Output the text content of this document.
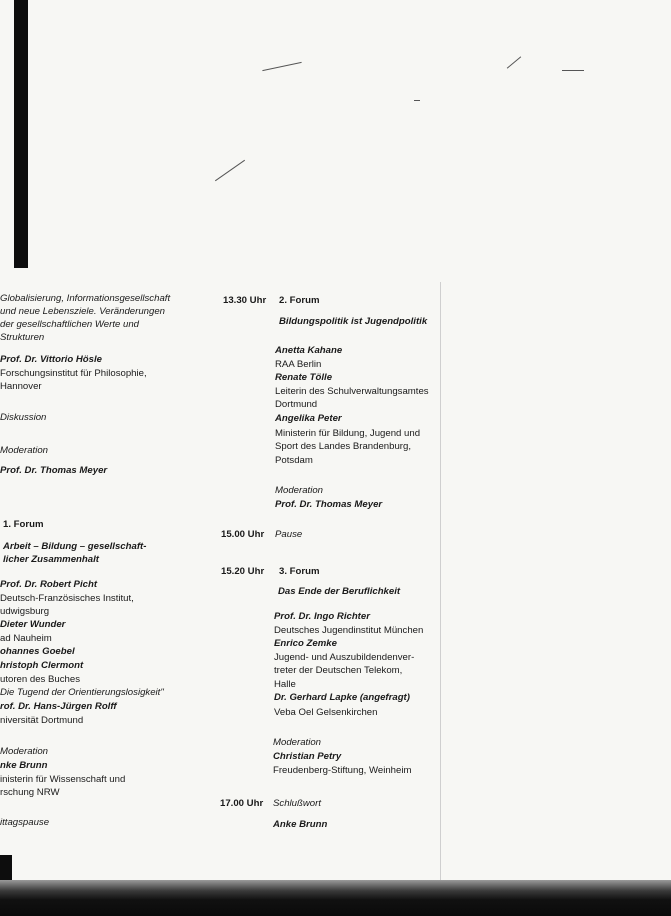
Globalisierung, Informationsgesellschaft
und neue Lebensziele. Veränderungen
der gesellschaftlichen Werte und
Strukturen
Prof. Dr. Vittorio Hösle
Forschungsinstitut für Philosophie,
Hannover
Diskussion
Moderation
Prof. Dr. Thomas Meyer
1. Forum
Arbeit – Bildung – gesellschaft-
licher Zusammenhalt
Prof. Dr. Robert Picht
Deutsch-Französisches Institut,
udwigsburg
Dieter Wunder
ad Nauheim
ohannes Goebel
hristoph Clermont
utoren des Buches
Die Tugend der Orientierungslosigkeit"
rof. Dr. Hans-Jürgen Rolff
niversität Dortmund
Moderation
nke Brunn
inisterin für Wissenschaft und
rschung NRW
ittagspause
13.30 Uhr 2. Forum
Bildungspolitik ist Jugendpolitik
Anetta Kahane
RAA Berlin
Renate Tölle
Leiterin des Schulverwaltungsamtes
Dortmund
Angelika Peter
Ministerin für Bildung, Jugend und
Sport des Landes Brandenburg,
Potsdam
Moderation
Prof. Dr. Thomas Meyer
15.00 Uhr Pause
15.20 Uhr 3. Forum
Das Ende der Beruflichkeit
Prof. Dr. Ingo Richter
Deutsches Jugendinstitut München
Enrico Zemke
Jugend- und Auszubildendenver-
treter der Deutschen Telekom,
Halle
Dr. Gerhard Lapke (angefragt)
Veba Oel Gelsenkirchen
Moderation
Christian Petry
Freudenberg-Stiftung, Weinheim
17.00 Uhr Schlußwort
Anke Brunn
